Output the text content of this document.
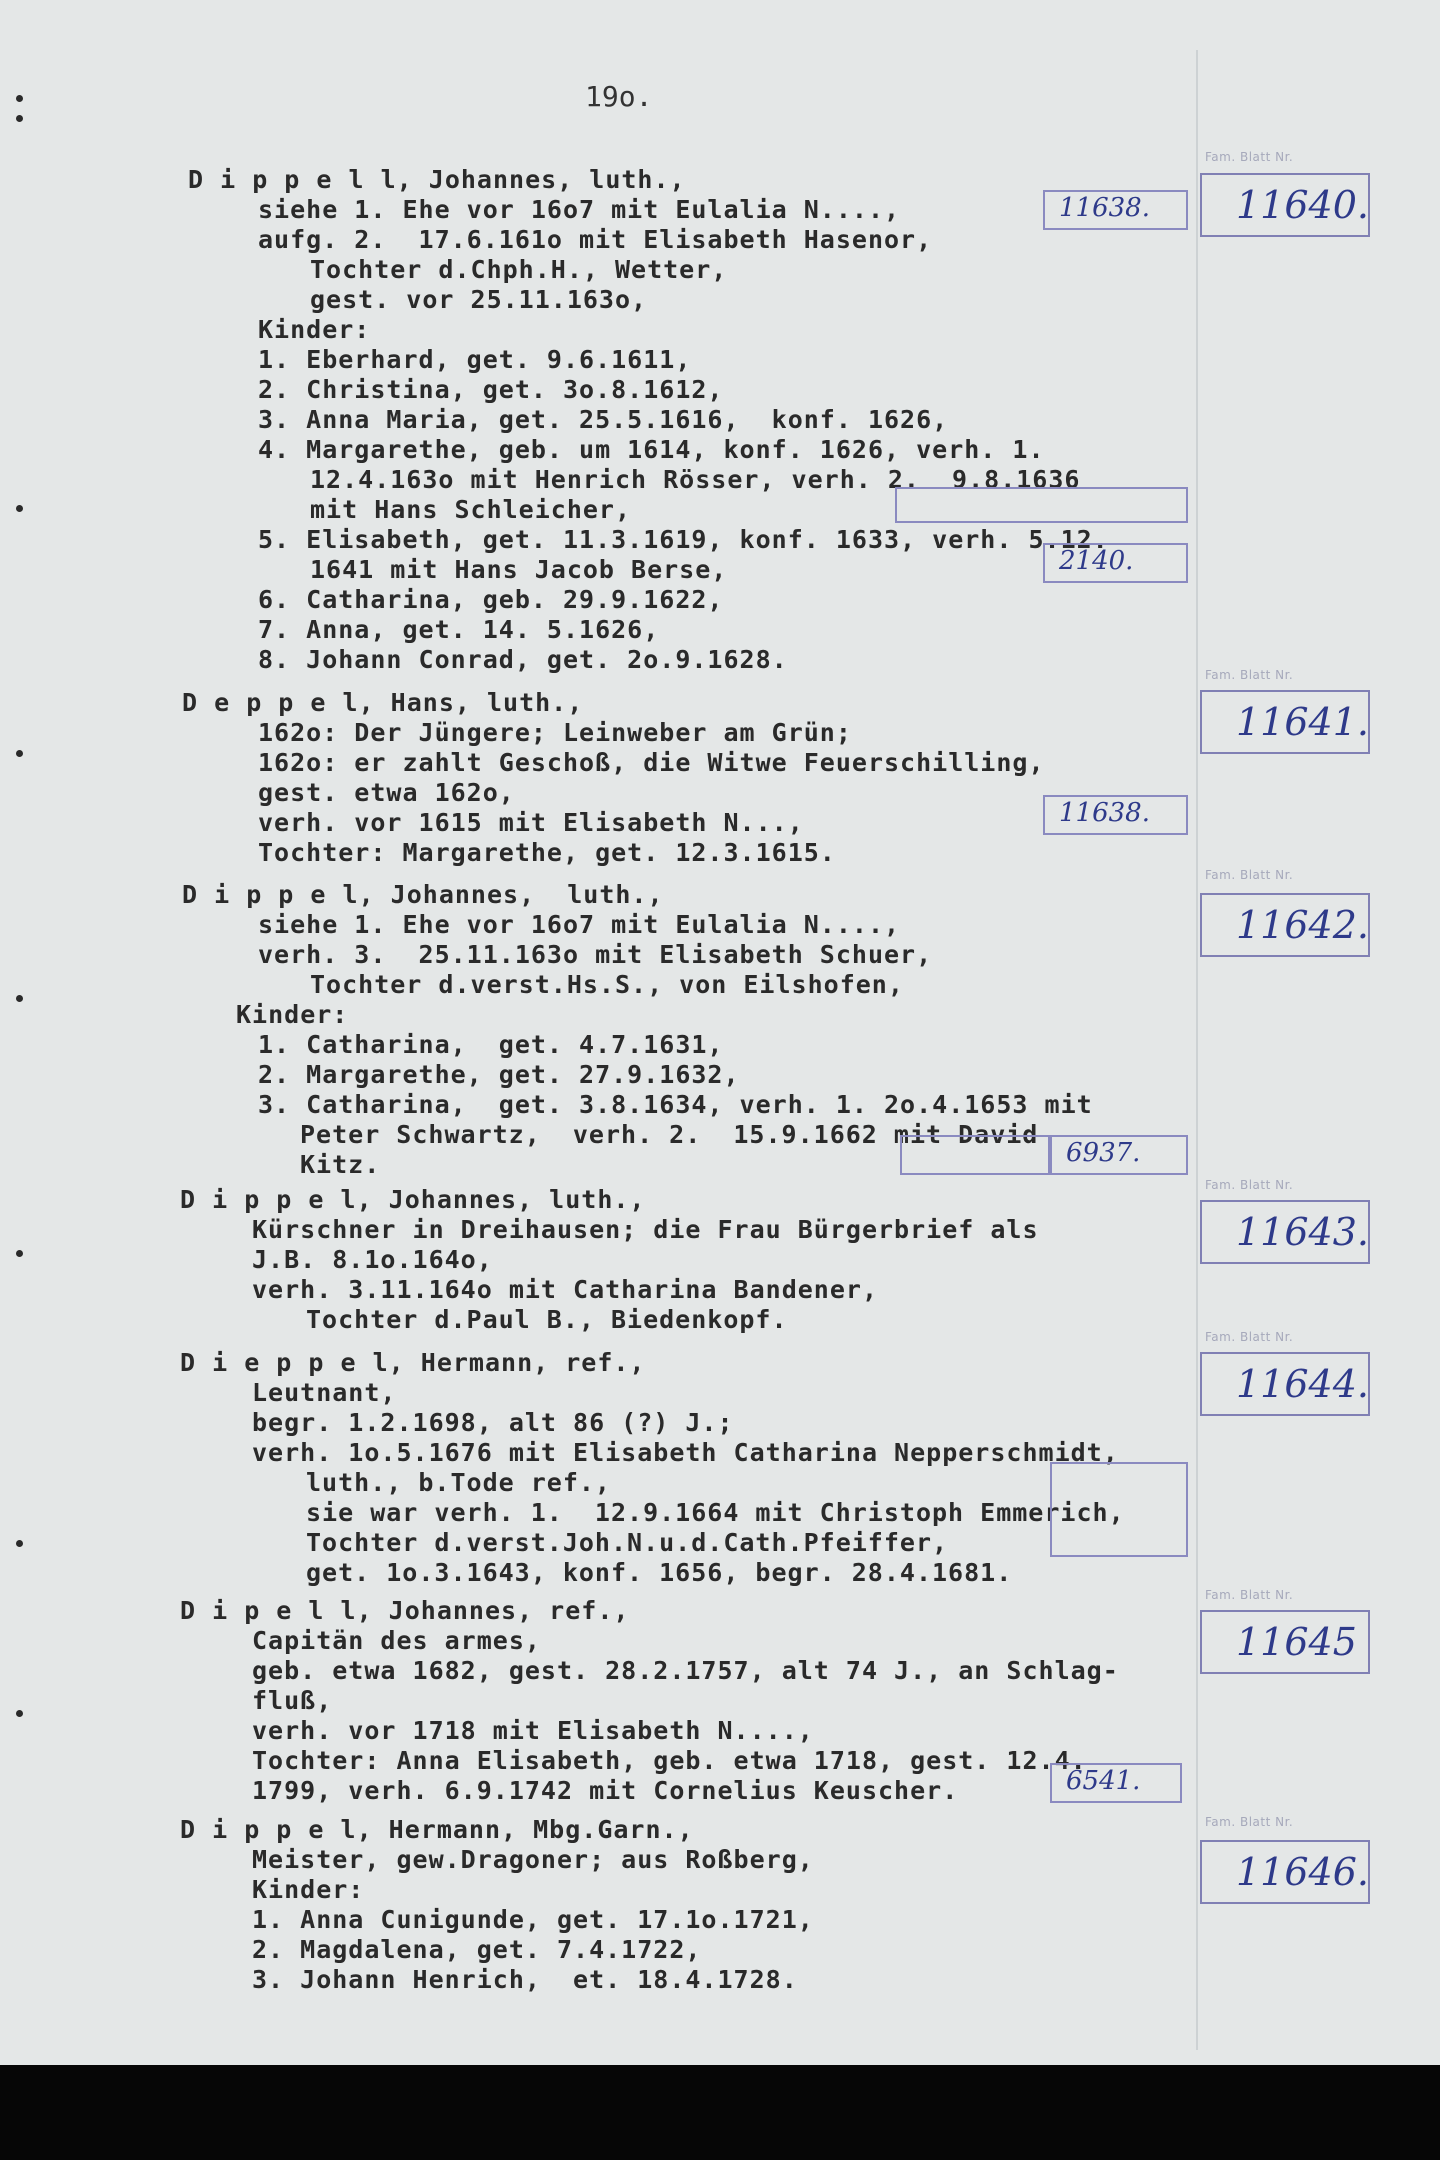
19o.
D i p p e l l, Johannes, luth.,
siehe 1. Ehe vor 16o7 mit Eulalia N....,
aufg. 2.  17.6.161o mit Elisabeth Hasenor,
Tochter d.Chph.H., Wetter,
gest. vor 25.11.163o,
Kinder:
1. Eberhard, get. 9.6.1611,
2. Christina, get. 3o.8.1612,
3. Anna Maria, get. 25.5.1616,  konf. 1626,
4. Margarethe, geb. um 1614, konf. 1626, verh. 1.
12.4.163o mit Henrich Rösser, verh. 2.  9.8.1636
mit Hans Schleicher,
5. Elisabeth, get. 11.3.1619, konf. 1633, verh. 5.12.
1641 mit Hans Jacob Berse,
6. Catharina, geb. 29.9.1622,
7. Anna, get. 14. 5.1626,
8. Johann Conrad, get. 2o.9.1628.
D e p p e l, Hans, luth.,
162o: Der Jüngere; Leinweber am Grün;
162o: er zahlt Geschoß, die Witwe Feuerschilling,
gest. etwa 162o,
verh. vor 1615 mit Elisabeth N...,
Tochter: Margarethe, get. 12.3.1615.
D i p p e l, Johannes,  luth.,
siehe 1. Ehe vor 16o7 mit Eulalia N....,
verh. 3.  25.11.163o mit Elisabeth Schuer,
Tochter d.verst.Hs.S., von Eilshofen,
Kinder:
1. Catharina,  get. 4.7.1631,
2. Margarethe, get. 27.9.1632,
3. Catharina,  get. 3.8.1634, verh. 1. 2o.4.1653 mit
Peter Schwartz,  verh. 2.  15.9.1662 mit David
Kitz.
D i p p e l, Johannes, luth.,
Kürschner in Dreihausen; die Frau Bürgerbrief als
J.B. 8.1o.164o,
verh. 3.11.164o mit Catharina Bandener,
Tochter d.Paul B., Biedenkopf.
D i e p p e l, Hermann, ref.,
Leutnant,
begr. 1.2.1698, alt 86 (?) J.;
verh. 1o.5.1676 mit Elisabeth Catharina Nepperschmidt,
luth., b.Tode ref.,
sie war verh. 1.  12.9.1664 mit Christoph Emmerich,
Tochter d.verst.Joh.N.u.d.Cath.Pfeiffer,
get. 1o.3.1643, konf. 1656, begr. 28.4.1681.
D i p e l l, Johannes, ref.,
Capitän des armes,
geb. etwa 1682, gest. 28.2.1757, alt 74 J., an Schlag-
fluß,
verh. vor 1718 mit Elisabeth N....,
Tochter: Anna Elisabeth, geb. etwa 1718, gest. 12.4.
1799, verh. 6.9.1742 mit Cornelius Keuscher.
D i p p e l, Hermann, Mbg.Garn.,
Meister, gew.Dragoner; aus Roßberg,
Kinder:
1. Anna Cunigunde, get. 17.1o.1721,
2. Magdalena, get. 7.4.1722,
3. Johann Henrich,  et. 18.4.1728.
Fam. Blatt Nr.
11640.
Fam. Blatt Nr.
11641.
Fam. Blatt Nr.
11642.
Fam. Blatt Nr.
11643.
Fam. Blatt Nr.
11644.
Fam. Blatt Nr.
11645
Fam. Blatt Nr.
11646.
11638.
2140.
11638.
6937.
6541.
